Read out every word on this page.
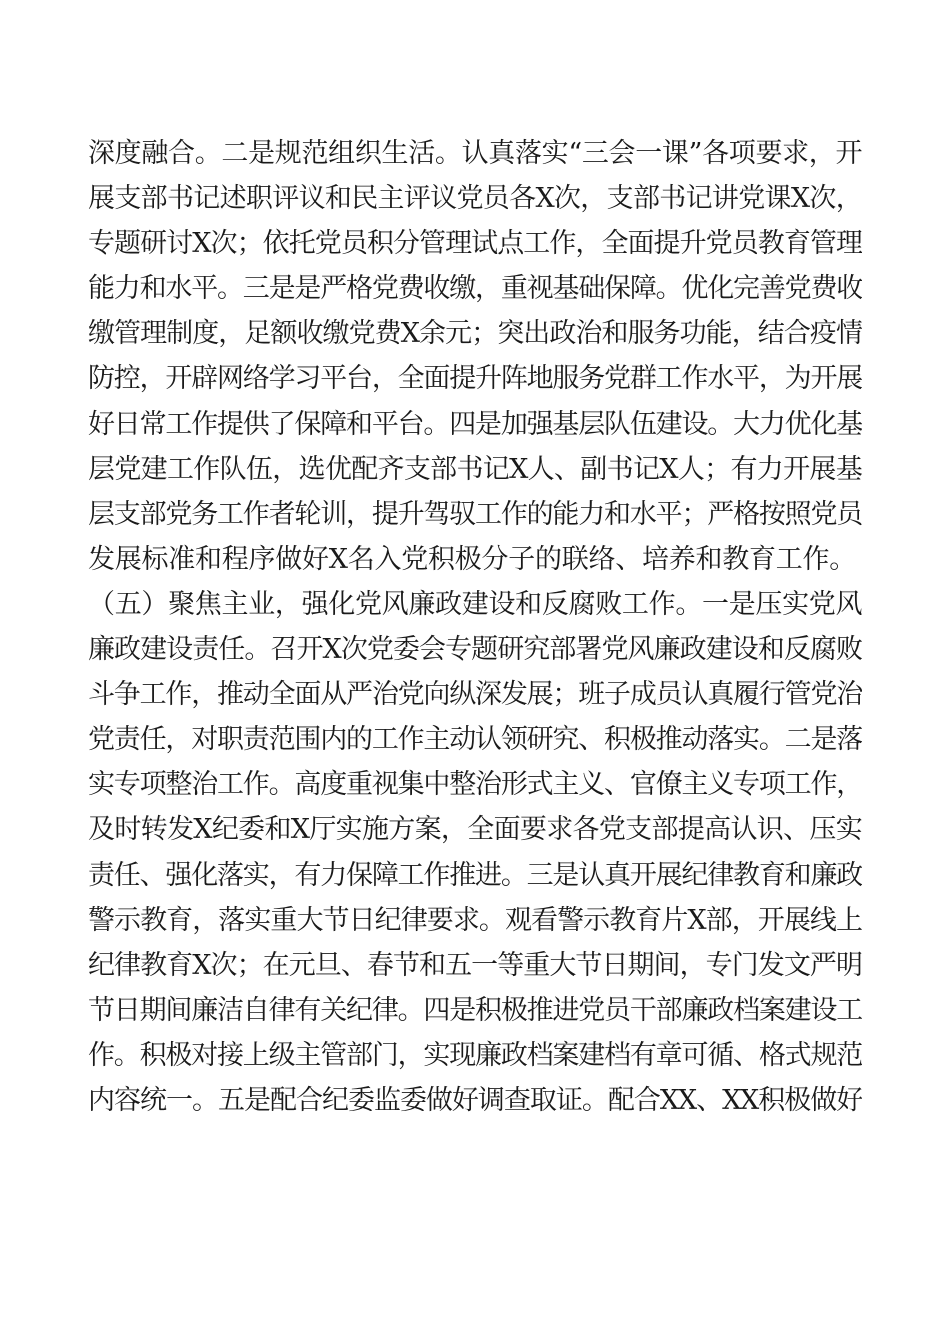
深度融合。二是规范组织生活。认真落实“三会一课”各项要求，开
展支部书记述职评议和民主评议党员各X次，支部书记讲党课X次，
专题研讨X次；依托党员积分管理试点工作，全面提升党员教育管理
能力和水平。三是是严格党费收缴，重视基础保障。优化完善党费收
缴管理制度，足额收缴党费X余元；突出政治和服务功能，结合疫情
防控，开辟网络学习平台，全面提升阵地服务党群工作水平，为开展
好日常工作提供了保障和平台。四是加强基层队伍建设。大力优化基
层党建工作队伍，选优配齐支部书记X人、副书记X人；有力开展基
层支部党务工作者轮训，提升驾驭工作的能力和水平；严格按照党员
发展标准和程序做好X名入党积极分子的联络、培养和教育工作。
（五）聚焦主业，强化党风廉政建设和反腐败工作。一是压实党风
廉政建设责任。召开X次党委会专题研究部署党风廉政建设和反腐败
斗争工作，推动全面从严治党向纵深发展；班子成员认真履行管党治
党责任，对职责范围内的工作主动认领研究、积极推动落实。二是落
实专项整治工作。高度重视集中整治形式主义、官僚主义专项工作，
及时转发X纪委和X厅实施方案，全面要求各党支部提高认识、压实
责任、强化落实，有力保障工作推进。三是认真开展纪律教育和廉政
警示教育，落实重大节日纪律要求。观看警示教育片X部，开展线上
纪律教育X次；在元旦、春节和五一等重大节日期间，专门发文严明
节日期间廉洁自律有关纪律。四是积极推进党员干部廉政档案建设工
作。积极对接上级主管部门，实现廉政档案建档有章可循、格式规范
内容统一。五是配合纪委监委做好调查取证。配合XX、XX积极做好
